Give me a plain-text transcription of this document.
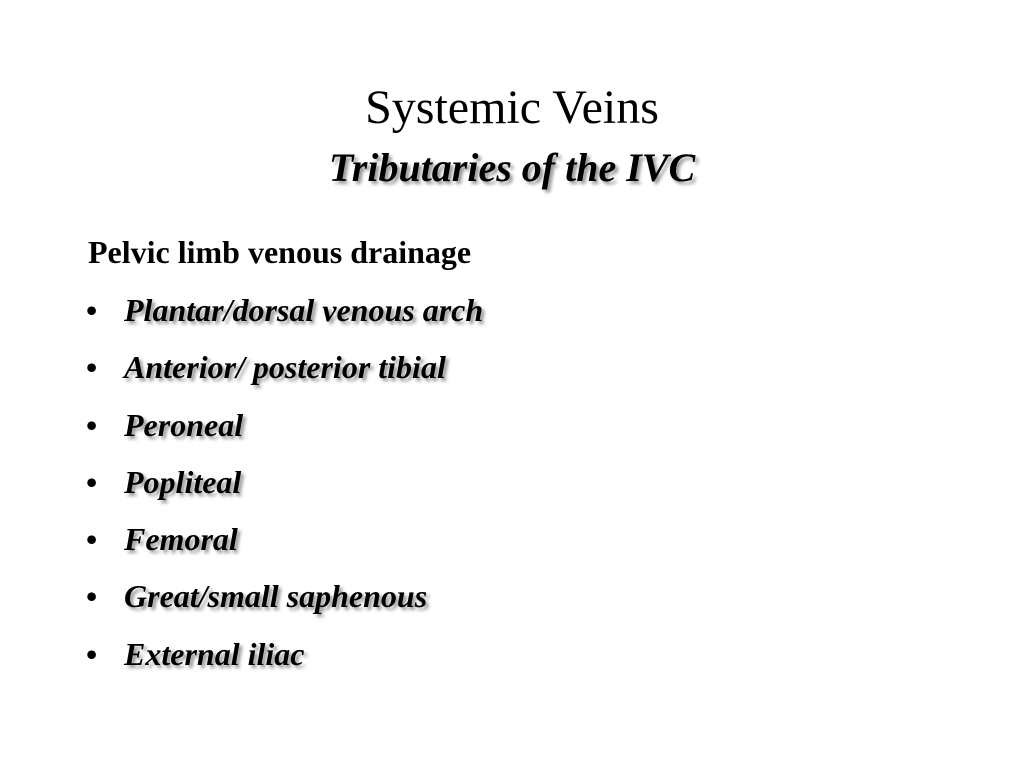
Systemic Veins
Tributaries of the IVC

Pelvic limb venous drainage

• Plantar/dorsal venous arch
• Anterior/ posterior tibial
• Peroneal
• Popliteal
• Femoral
• Great/small saphenous
• External iliac
